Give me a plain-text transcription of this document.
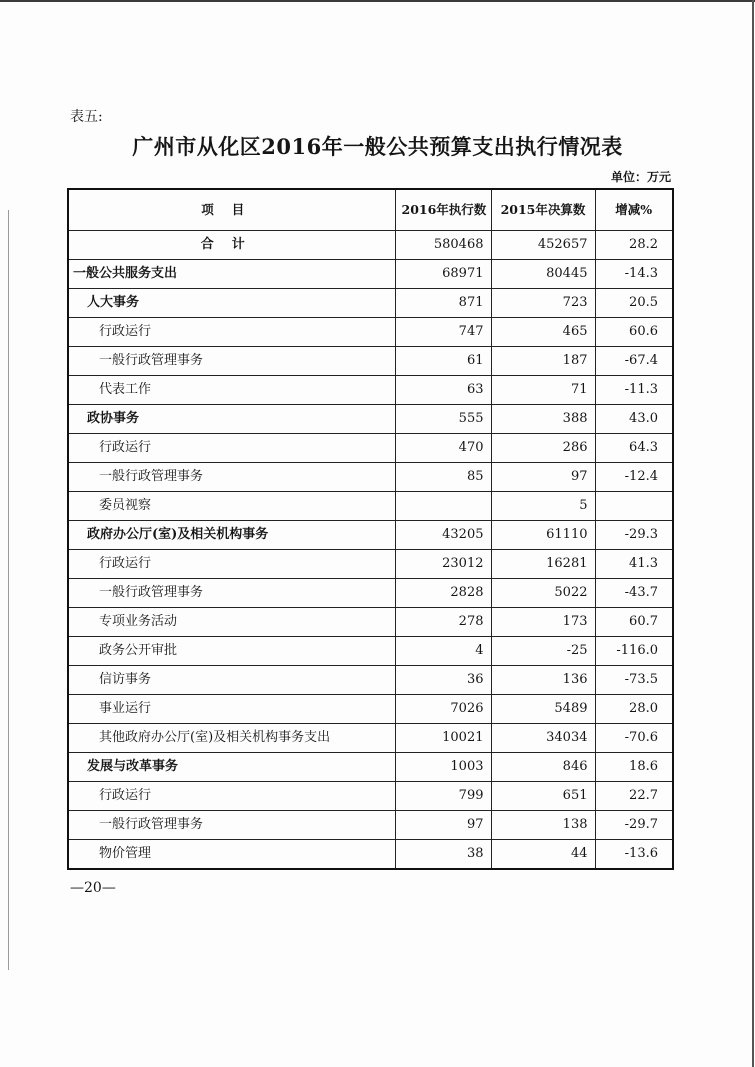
表五:
广州市从化区2016年一般公共预算支出执行情况表
单位：万元
项目	2016年执行数	2015年决算数	增减%
合计	580468	452657	28.2
一般公共服务支出	68971	80445	-14.3
人大事务	871	723	20.5
行政运行	747	465	60.6
一般行政管理事务	61	187	-67.4
代表工作	63	71	-11.3
政协事务	555	388	43.0
行政运行	470	286	64.3
一般行政管理事务	85	97	-12.4
委员视察		5	
政府办公厅(室)及相关机构事务	43205	61110	-29.3
行政运行	23012	16281	41.3
一般行政管理事务	2828	5022	-43.7
专项业务活动	278	173	60.7
政务公开审批	4	-25	-116.0
信访事务	36	136	-73.5
事业运行	7026	5489	28.0
其他政府办公厅(室)及相关机构事务支出	10021	34034	-70.6
发展与改革事务	1003	846	18.6
行政运行	799	651	22.7
一般行政管理事务	97	138	-29.7
物价管理	38	44	-13.6
—20—
